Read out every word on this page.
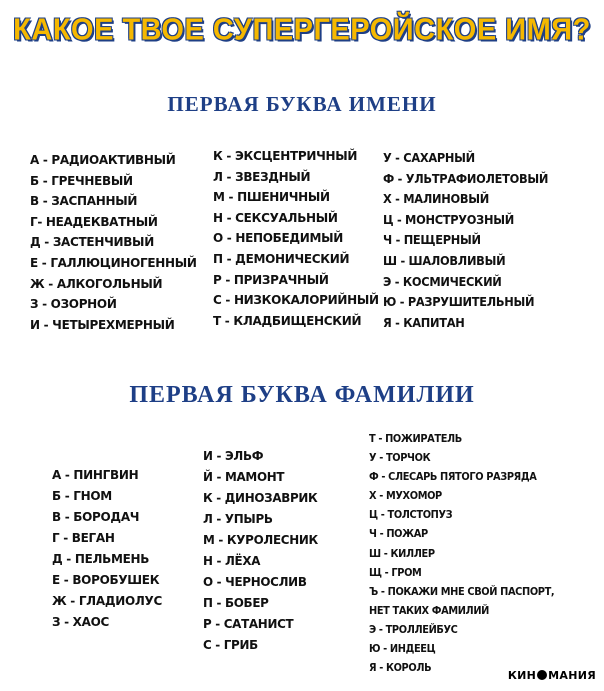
КАКОЕ ТВОЕ СУПЕРГЕРОЙСКОЕ ИМЯ?
ПЕРВАЯ БУКВА ИМЕНИ
А - РАДИОАКТИВНЫЙ
Б - ГРЕЧНЕВЫЙ
В - ЗАСПАННЫЙ
Г- НЕАДЕКВАТНЫЙ
Д - ЗАСТЕНЧИВЫЙ
Е - ГАЛЛЮЦИНОГЕННЫЙ
Ж - АЛКОГОЛЬНЫЙ
З - ОЗОРНОЙ
И - ЧЕТЫРЕХМЕРНЫЙ
К - ЭКСЦЕНТРИЧНЫЙ
Л - ЗВЕЗДНЫЙ
М - ПШЕНИЧНЫЙ
Н - СЕКСУАЛЬНЫЙ
О - НЕПОБЕДИМЫЙ
П - ДЕМОНИЧЕСКИЙ
Р - ПРИЗРАЧНЫЙ
С - НИЗКОКАЛОРИЙНЫЙ
Т - КЛАДБИЩЕНСКИЙ
У - САХАРНЫЙ
Ф - УЛЬТРАФИОЛЕТОВЫЙ
Х - МАЛИНОВЫЙ
Ц - МОНСТРУОЗНЫЙ
Ч - ПЕЩЕРНЫЙ
Ш - ШАЛОВЛИВЫЙ
Э - КОСМИЧЕСКИЙ
Ю - РАЗРУШИТЕЛЬНЫЙ
Я - КАПИТАН
ПЕРВАЯ БУКВА ФАМИЛИИ
А - ПИНГВИН
Б - ГНОМ
В - БОРОДАЧ
Г - ВЕГАН
Д - ПЕЛЬМЕНЬ
Е - ВОРОБУШЕК
Ж - ГЛАДИОЛУС
З - ХАОС
И - ЭЛЬФ
Й - МАМОНТ
К - ДИНОЗАВРИК
Л - УПЫРЬ
М - КУРОЛЕСНИК
Н - ЛЁХА
О - ЧЕРНОСЛИВ
П - БОБЕР
Р - САТАНИСТ
С - ГРИБ
Т - ПОЖИРАТЕЛЬ
У - ТОРЧОК
Ф - СЛЕСАРЬ ПЯТОГО РАЗРЯДА
Х - МУХОМОР
Ц - ТОЛСТОПУЗ
Ч - ПОЖАР
Ш - КИЛЛЕР
Щ - ГРОМ
Ъ - ПОКАЖИ МНЕ СВОЙ ПАСПОРТ,
НЕТ ТАКИХ ФАМИЛИЙ
Э - ТРОЛЛЕЙБУС
Ю - ИНДЕЕЦ
Я - КОРОЛЬ
КИН МАНИЯ
